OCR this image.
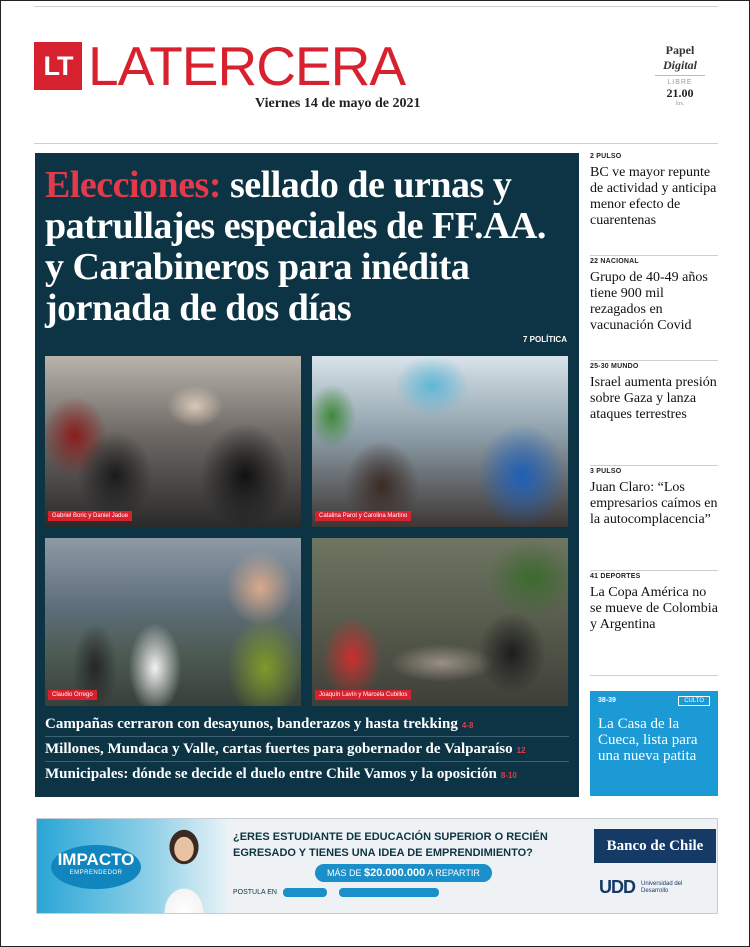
LT LATERCERA
Viernes 14 de mayo de 2021
Papel
Digital
LIBRE
21.00
hrs.
Elecciones: sellado de urnas y patrullajes especiales de FF.AA. y Carabineros para inédita jornada de dos días
7 POLÍTICA
Gabriel Boric y Daniel Jadue	Catalina Parot y Carolina Martino
Claudio Orrego	Joaquín Lavín y Marcela Cubillos
Campañas cerraron con desayunos, banderazos y hasta trekking 4-8
Millones, Mundaca y Valle, cartas fuertes para gobernador de Valparaíso 12
Municipales: dónde se decide el duelo entre Chile Vamos y la oposición 8-10
2 PULSO
BC ve mayor repunte de actividad y anticipa menor efecto de cuarentenas
22 NACIONAL
Grupo de 40-49 años tiene 900 mil rezagados en vacunación Covid
25-30 MUNDO
Israel aumenta presión sobre Gaza y lanza ataques terrestres
3 PULSO
Juan Claro: “Los empresarios caímos en la autocomplacencia”
41 DEPORTES
La Copa América no se mueve de Colombia y Argentina
38-39	CULTO
La Casa de la Cueca, lista para una nueva patita
IMPACTO
EMPRENDEDOR
¿ERES ESTUDIANTE DE EDUCACIÓN SUPERIOR O RECIÉN
EGRESADO Y TIENES UNA IDEA DE EMPRENDIMIENTO?
MÁS DE $20.000.000 A REPARTIR
POSTULA EN
Banco de Chile
UDD Universidad del Desarrollo
